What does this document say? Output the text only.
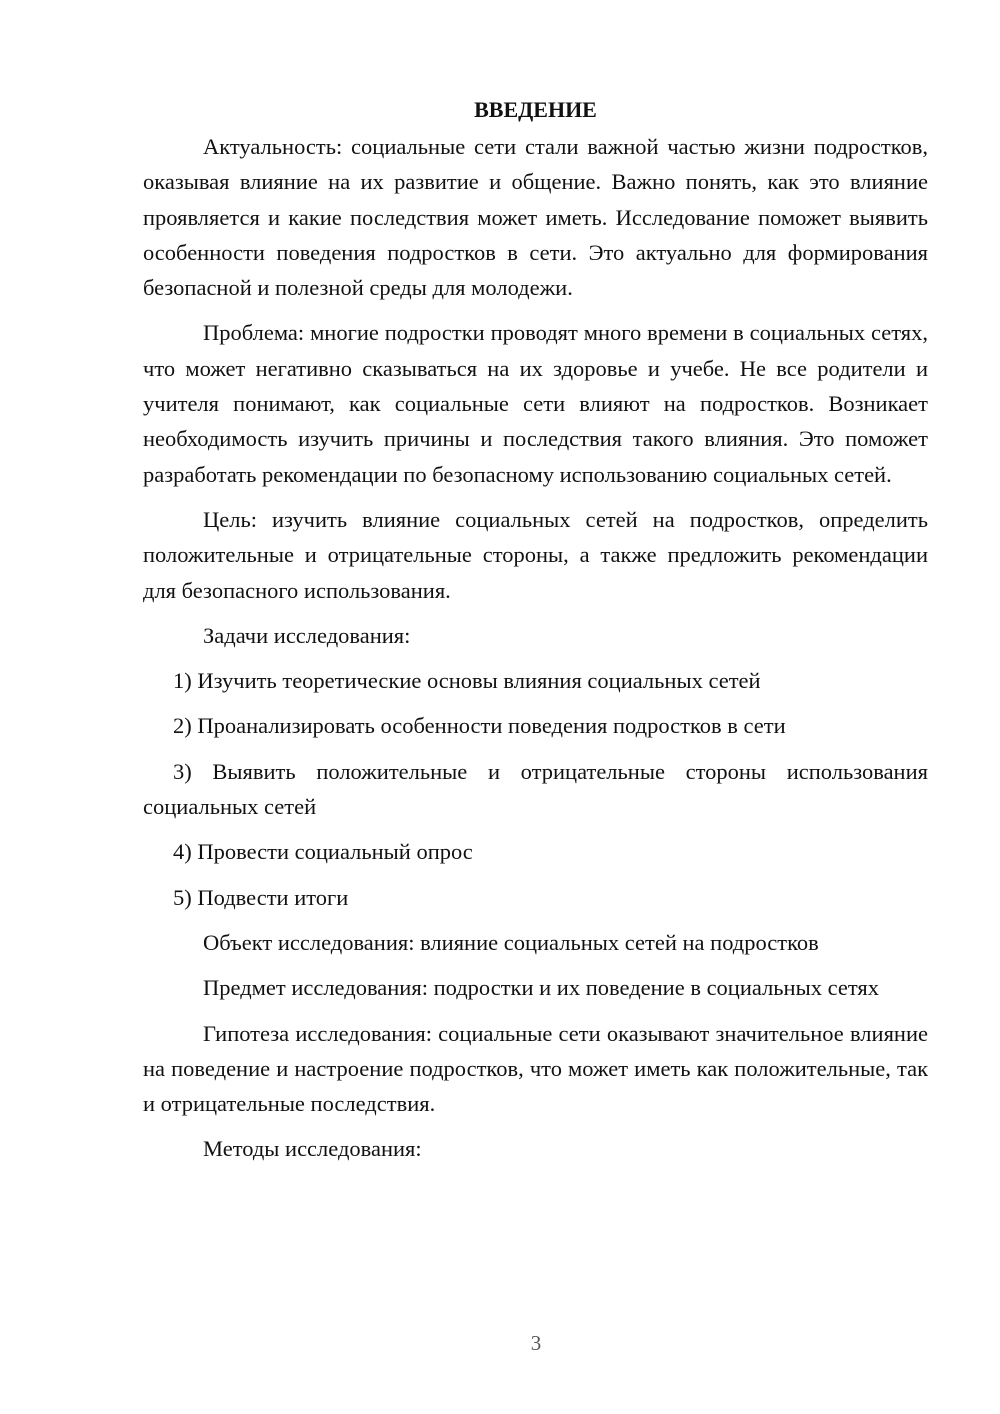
ВВЕДЕНИЕ

Актуальность: социальные сети стали важной частью жизни подростков, оказывая влияние на их развитие и общение. Важно понять, как это влияние проявляется и какие последствия может иметь. Исследование поможет выявить особенности поведения подростков в сети. Это актуально для формирования безопасной и полезной среды для молодежи.

Проблема: многие подростки проводят много времени в социальных сетях, что может негативно сказываться на их здоровье и учебе. Не все родители и учителя понимают, как социальные сети влияют на подростков. Возникает необходимость изучить причины и последствия такого влияния. Это поможет разработать рекомендации по безопасному использованию социальных сетей.

Цель: изучить влияние социальных сетей на подростков, определить положительные и отрицательные стороны, а также предложить рекомендации для безопасного использования.

Задачи исследования:

1) Изучить теоретические основы влияния социальных сетей

2) Проанализировать особенности поведения подростков в сети

3) Выявить положительные и отрицательные стороны использования социальных сетей

4) Провести социальный опрос

5) Подвести итоги

Объект исследования: влияние социальных сетей на подростков

Предмет исследования: подростки и их поведение в социальных сетях

Гипотеза исследования: социальные сети оказывают значительное влияние на поведение и настроение подростков, что может иметь как положительные, так и отрицательные последствия.

Методы исследования:

3
